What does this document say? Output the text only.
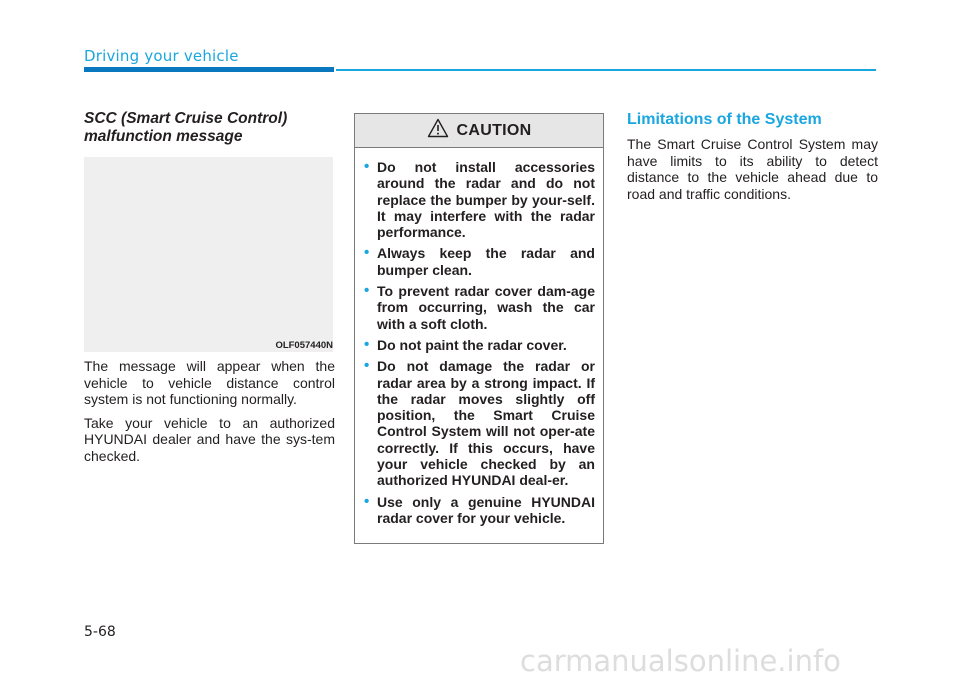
Driving your vehicle
SCC (Smart Cruise Control)
malfunction message
OLF057440N

The message will appear when the vehicle to vehicle distance control system is not functioning normally.

Take your vehicle to an authorized HYUNDAI dealer and have the sys-tem checked.

CAUTION
• Do not install accessories around the radar and do not replace the bumper by your-self. It may interfere with the radar performance.
• Always keep the radar and bumper clean.
• To prevent radar cover dam-age from occurring, wash the car with a soft cloth.
• Do not paint the radar cover.
• Do not damage the radar or radar area by a strong impact. If the radar moves slightly off position, the Smart Cruise Control System will not oper-ate correctly. If this occurs, have your vehicle checked by an authorized HYUNDAI deal-er.
• Use only a genuine HYUNDAI radar cover for your vehicle.
Limitations of the System

The Smart Cruise Control System may have limits to its ability to detect distance to the vehicle ahead due to road and traffic conditions.

5-68
carmanualsonline.info
